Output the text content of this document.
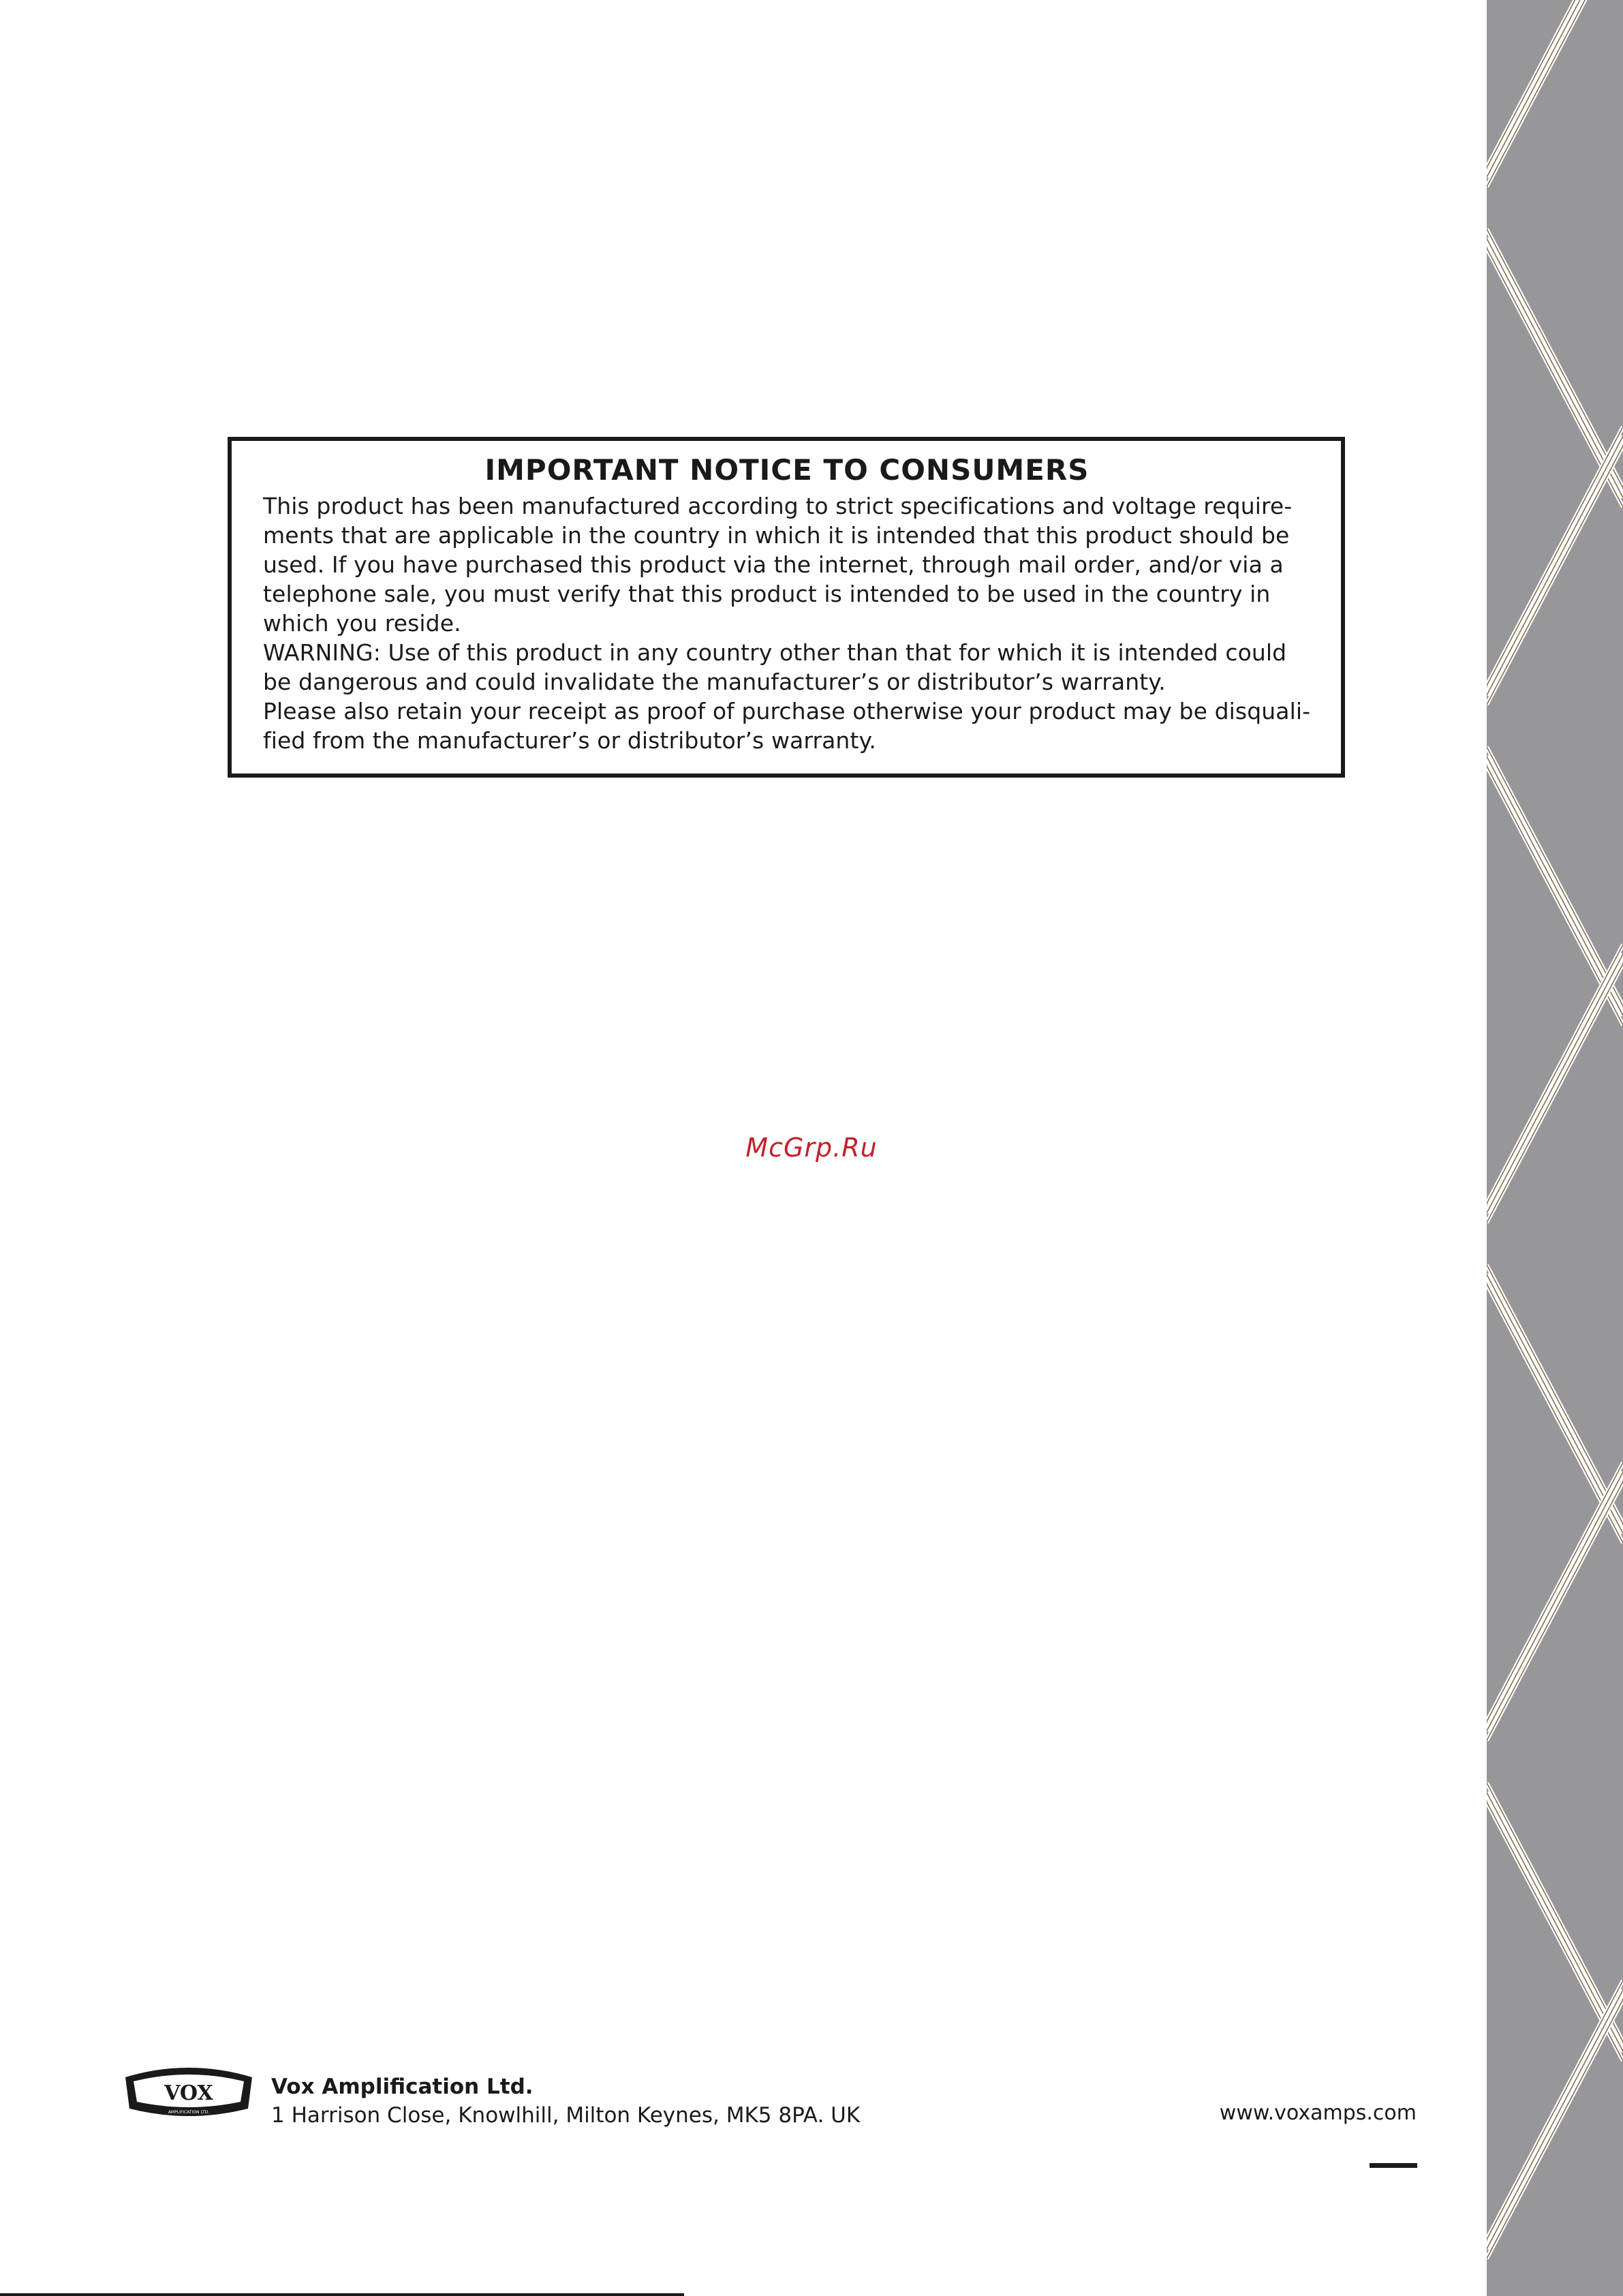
IMPORTANT NOTICE TO CONSUMERS

This product has been manufactured according to strict specifications and voltage require-ments that are applicable in the country in which it is intended that this product should be used. If you have purchased this product via the internet, through mail order, and/or via a telephone sale, you must verify that this product is intended to be used in the country in which you reside.

WARNING: Use of this product in any country other than that for which it is intended could be dangerous and could invalidate the manufacturer’s or distributor’s warranty.

Please also retain your receipt as proof of purchase otherwise your product may be disquali-fied from the manufacturer’s or distributor’s warranty.

McGrp.Ru
VOX
AMPLIFICATION LTD.
Vox Amplification Ltd.
1 Harrison Close, Knowlhill, Milton Keynes, MK5 8PA. UK	www.voxamps.com
